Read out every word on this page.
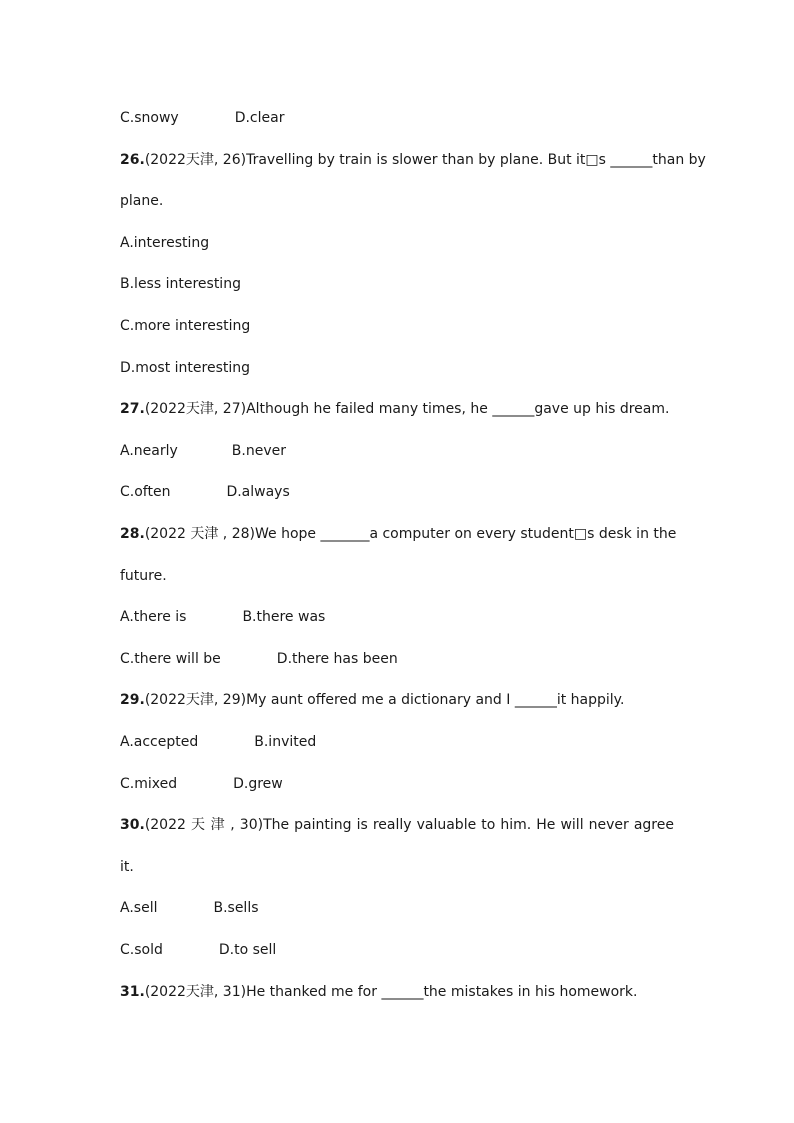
C.snowy	D.clear
26.(2022天津, 26)Travelling by train is slower than by plane. But it□s ______than by
plane.
A.interesting
B.less interesting
C.more interesting
D.most interesting
27.(2022天津, 27)Although he failed many times, he ______gave up his dream.
A.nearly	B.never
C.often	D.always
28.(2022 天津 , 28)We hope _______a computer on every student□s desk in the
future.
A.there is	B.there was
C.there will be	D.there has been
29.(2022天津, 29)My aunt offered me a dictionary and I ______it happily.
A.accepted	B.invited
C.mixed	D.grew
30.(2022 天 津 , 30)The painting is really valuable to him. He will never agree
it.
A.sell	B.sells
C.sold	D.to sell
31.(2022天津, 31)He thanked me for ______the mistakes in his homework.
